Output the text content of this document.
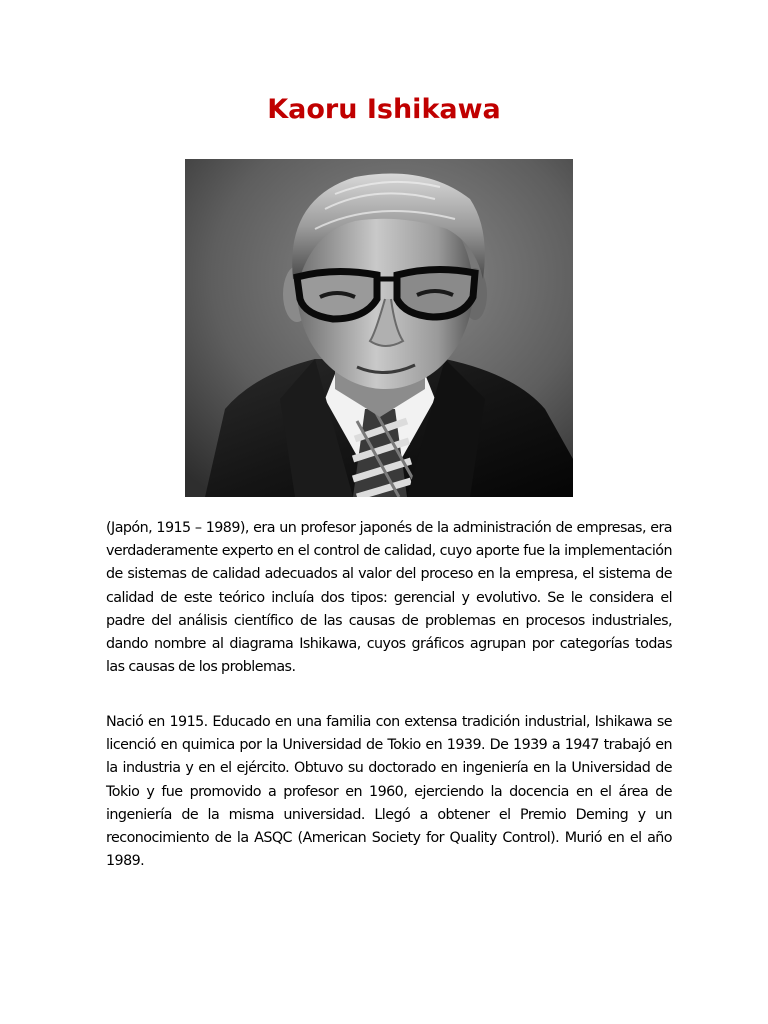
Kaoru Ishikawa

(Japón, 1915 – 1989), era un profesor japonés de la administración de empresas, era verdaderamente experto en el control de calidad, cuyo aporte fue la implementación de sistemas de calidad adecuados al valor del proceso en la empresa, el sistema de calidad de este teórico incluía dos tipos: gerencial y evolutivo. Se le considera el padre del análisis científico de las causas de problemas en procesos industriales, dando nombre al diagrama Ishikawa, cuyos gráficos agrupan por categorías todas las causas de los problemas.

Nació en 1915. Educado en una familia con extensa tradición industrial, Ishikawa se licenció en quimica por la Universidad de Tokio en 1939. De 1939 a 1947 trabajó en la industria y en el ejército. Obtuvo su doctorado en ingeniería en la Universidad de Tokio y fue promovido a profesor en 1960, ejerciendo la docencia en el área de ingeniería de la misma universidad. Llegó a obtener el Premio Deming y un reconocimiento de la ASQC (American Society for Quality Control). Murió en el año 1989.
